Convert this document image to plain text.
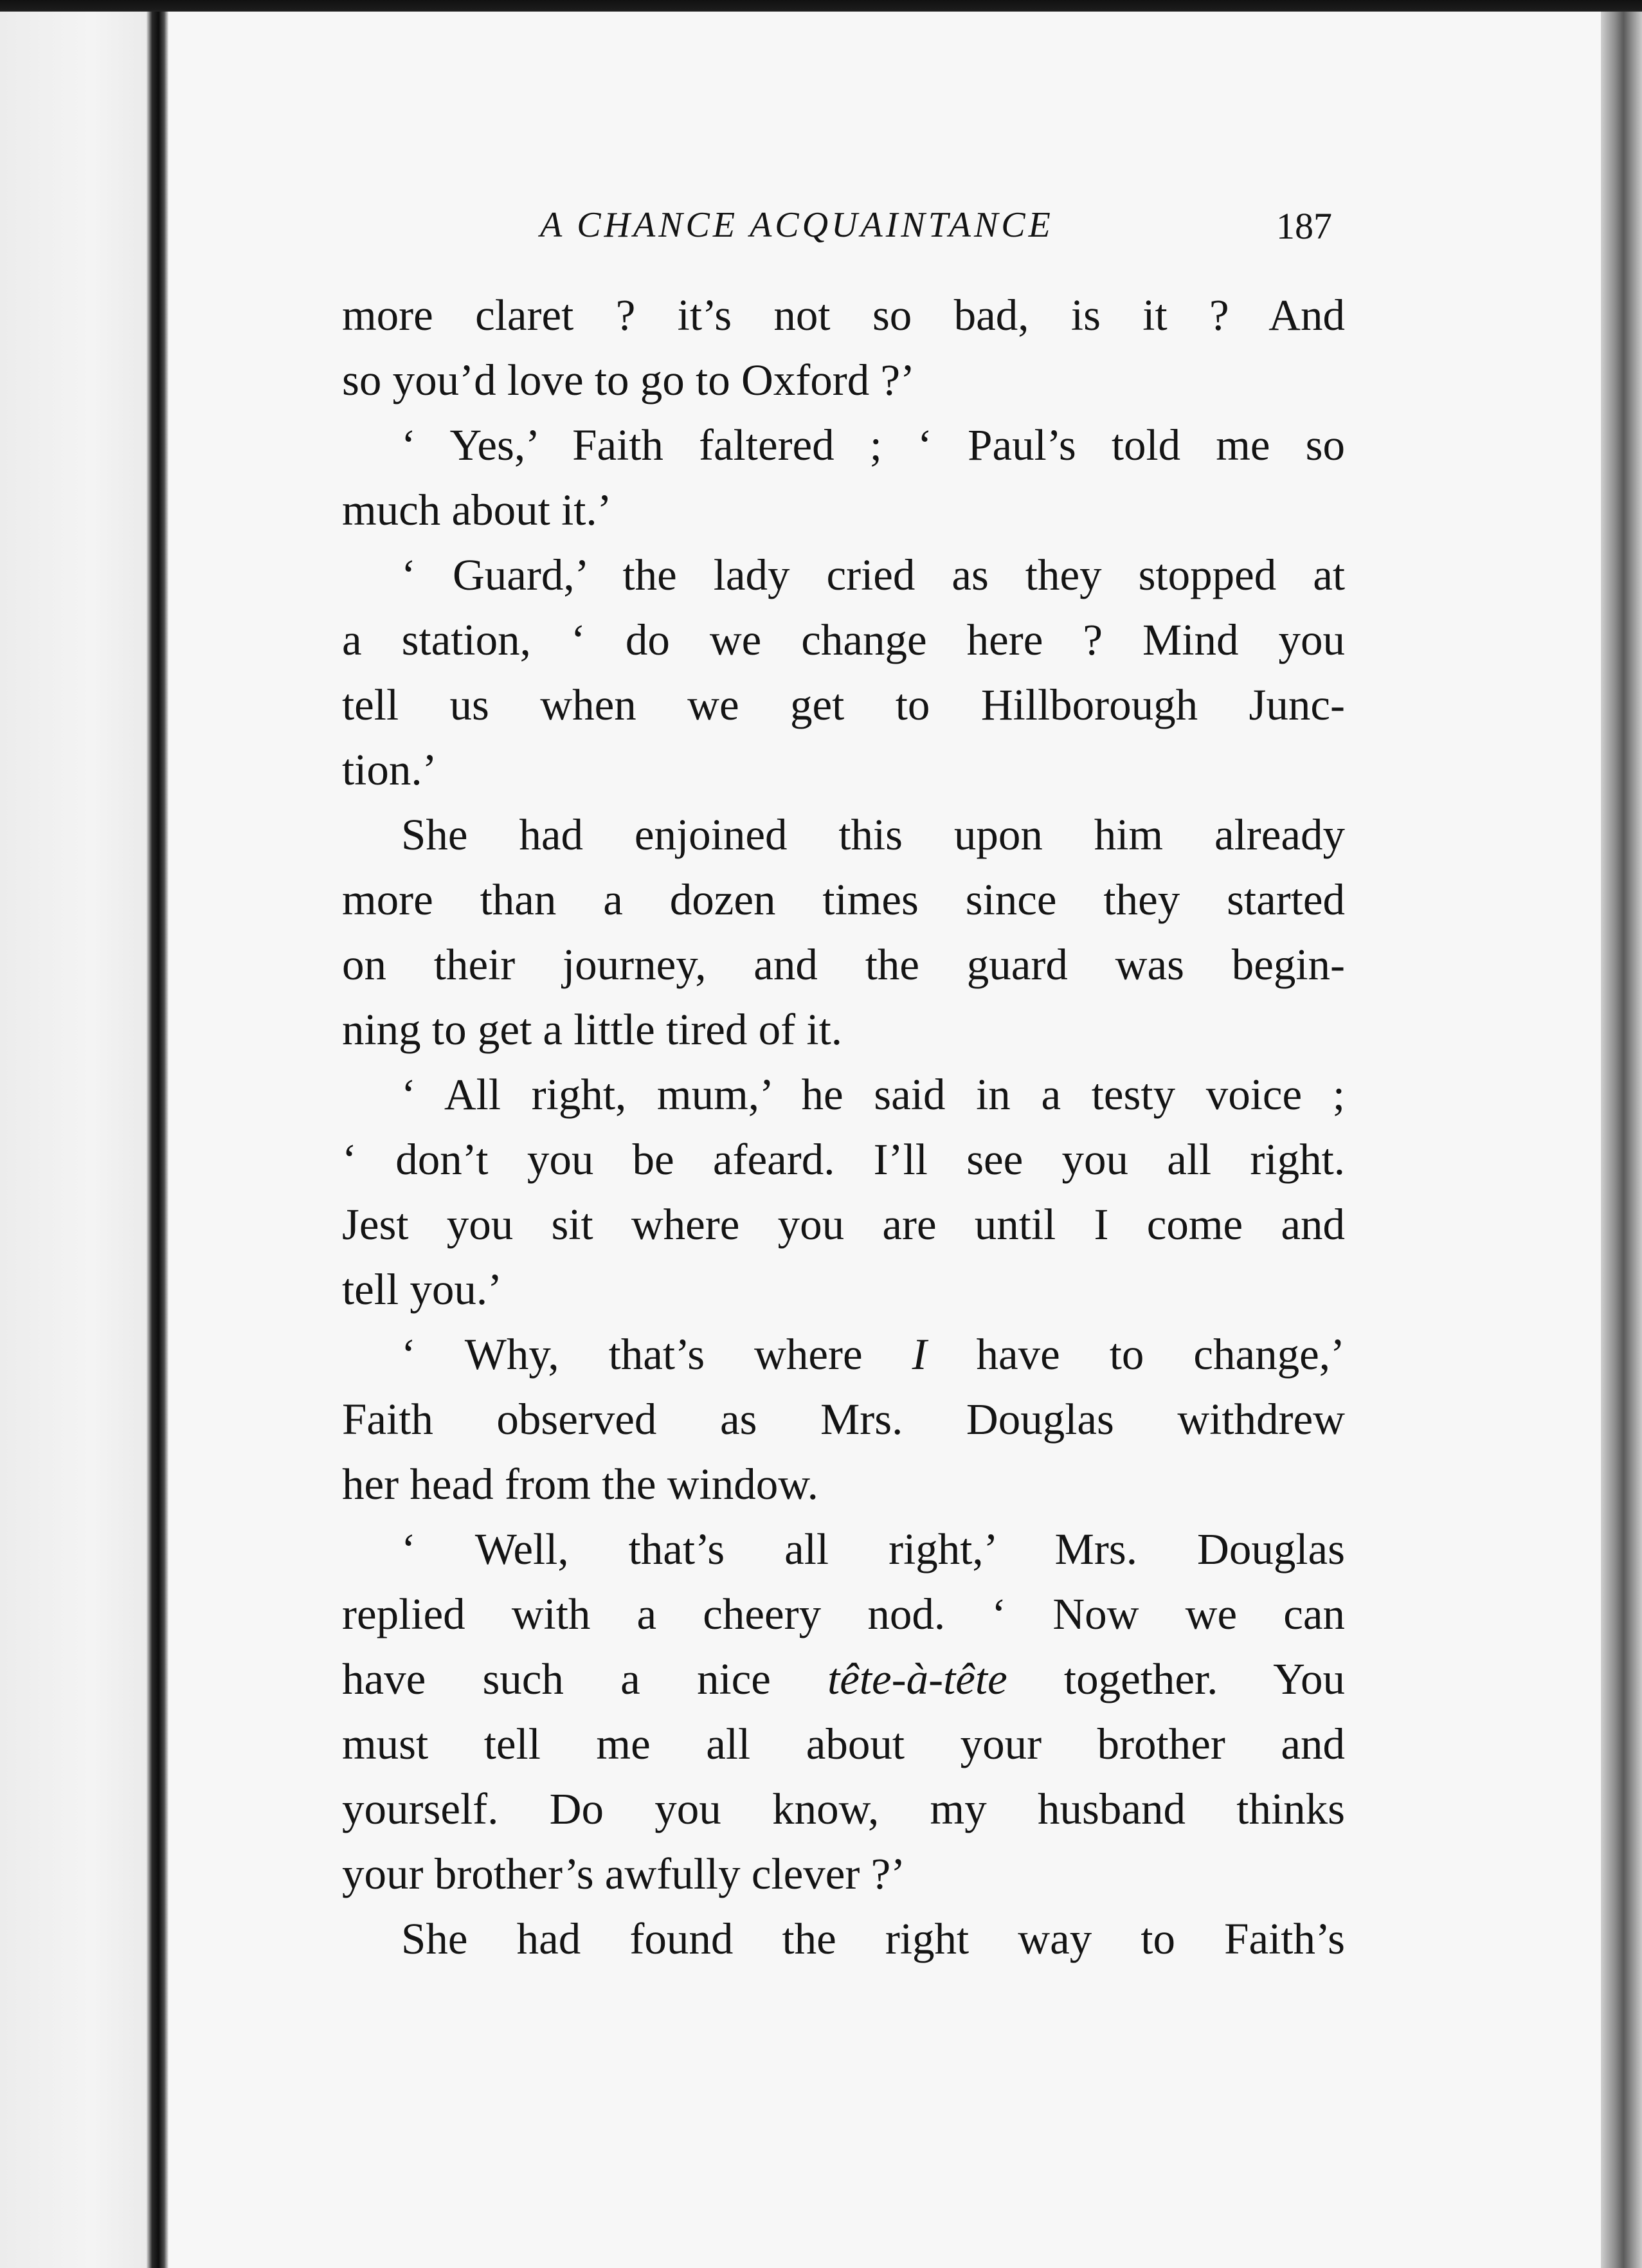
A CHANCE ACQUAINTANCE	187
more claret ? it’s not so bad, is it ? And
so you’d love to go to Oxford ?’
‘ Yes,’ Faith faltered ; ‘ Paul’s told me so
much about it.’
‘ Guard,’ the lady cried as they stopped at
a station, ‘ do we change here ? Mind you
tell us when we get to Hillborough Junc-
tion.’
She had enjoined this upon him already
more than a dozen times since they started
on their journey, and the guard was begin-
ning to get a little tired of it.
‘ All right, mum,’ he said in a testy voice ;
‘ don’t you be afeard. I’ll see you all right.
Jest you sit where you are until I come and
tell you.’
‘ Why, that’s where I have to change,’
Faith observed as Mrs. Douglas withdrew
her head from the window.
‘ Well, that’s all right,’ Mrs. Douglas
replied with a cheery nod. ‘ Now we can
have such a nice tête-à-tête together. You
must tell me all about your brother and
yourself. Do you know, my husband thinks
your brother’s awfully clever ?’
She had found the right way to Faith’s
